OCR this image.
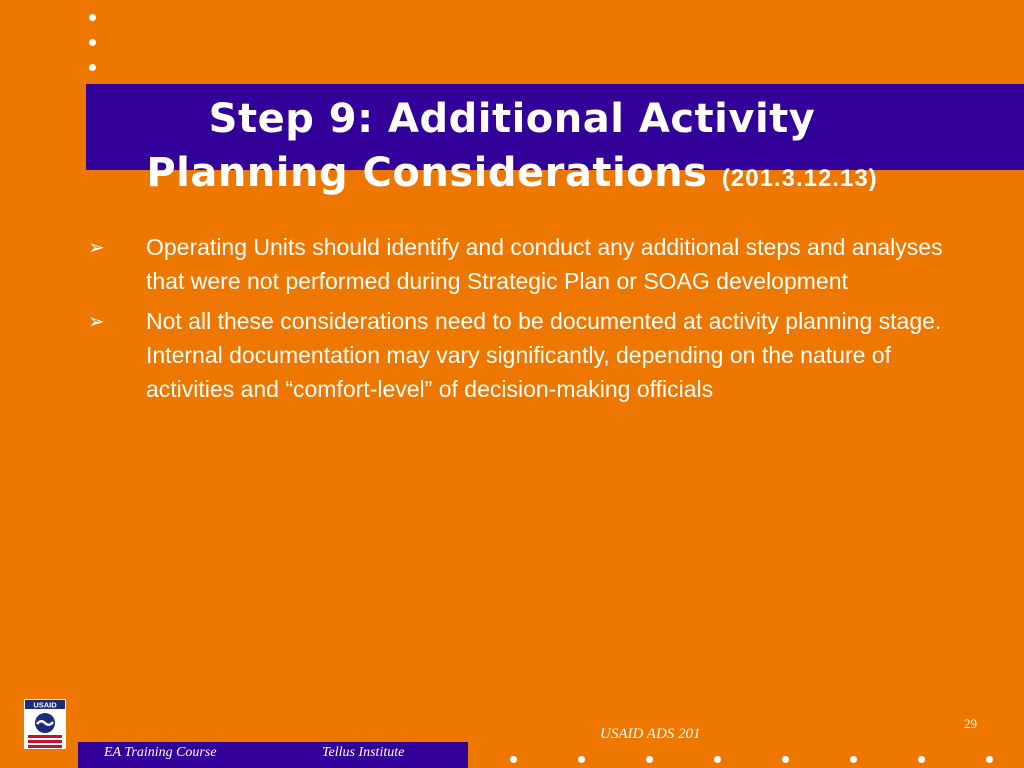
Step 9: Additional Activity
Planning Considerations (201.3.12.13)
➢ Operating Units should identify and conduct any additional steps and analyses that were not performed during Strategic Plan or SOAG development
➢ Not all these considerations need to be documented at activity planning stage. Internal documentation may vary significantly, depending on the nature of activities and “comfort-level” of decision-making officials
USAID
EA Training Course	Tellus Institute
USAID ADS 201
29
